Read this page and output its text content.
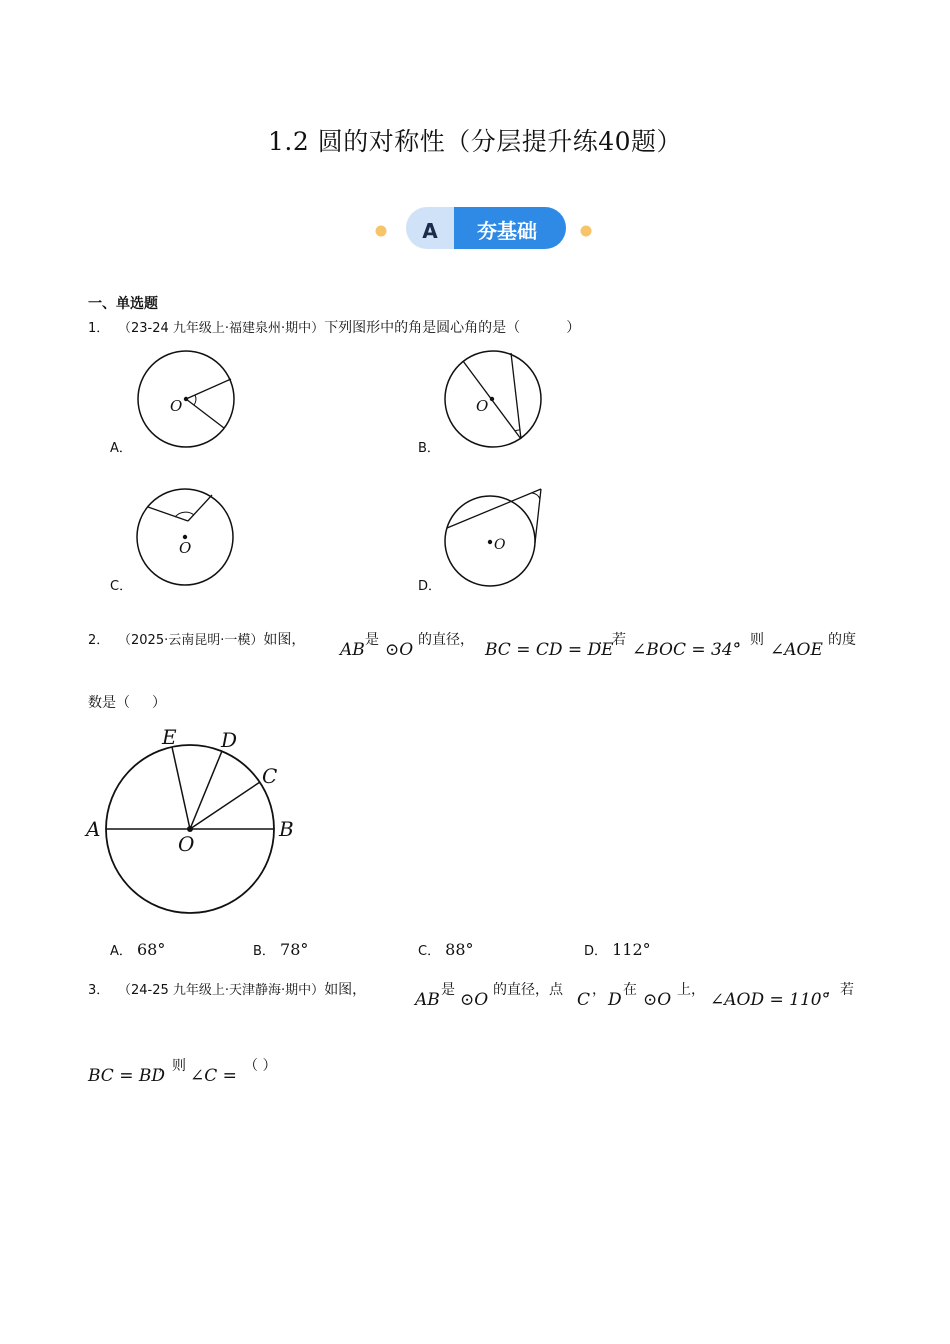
1.2 圆的对称性（分层提升练40题）
A 夯基础
一、单选题
1． （23-24 九年级上·福建泉州·期中）下列图形中的角是圆心角的是（	）
O
A．
O
B．
O
C．
O
D．
2． （2025·云南昆明·一模）如图，	AB 是 ⊙O 的直径， BC = CD = DE
．若 ∠BOC = 34°
，则 ∠AOE 的度
数是（ ）
E D
C
A	B
O
A． 68°	B． 78°	C． 88°	D． 112°
3． （24-25 九年级上·天津静海·期中）如图，	AB 是 ⊙O 的直径，点 C ， D 在 ⊙O 上， ∠AOD = 110°
．若
BC = BD
，则 ∠C = （ ）
